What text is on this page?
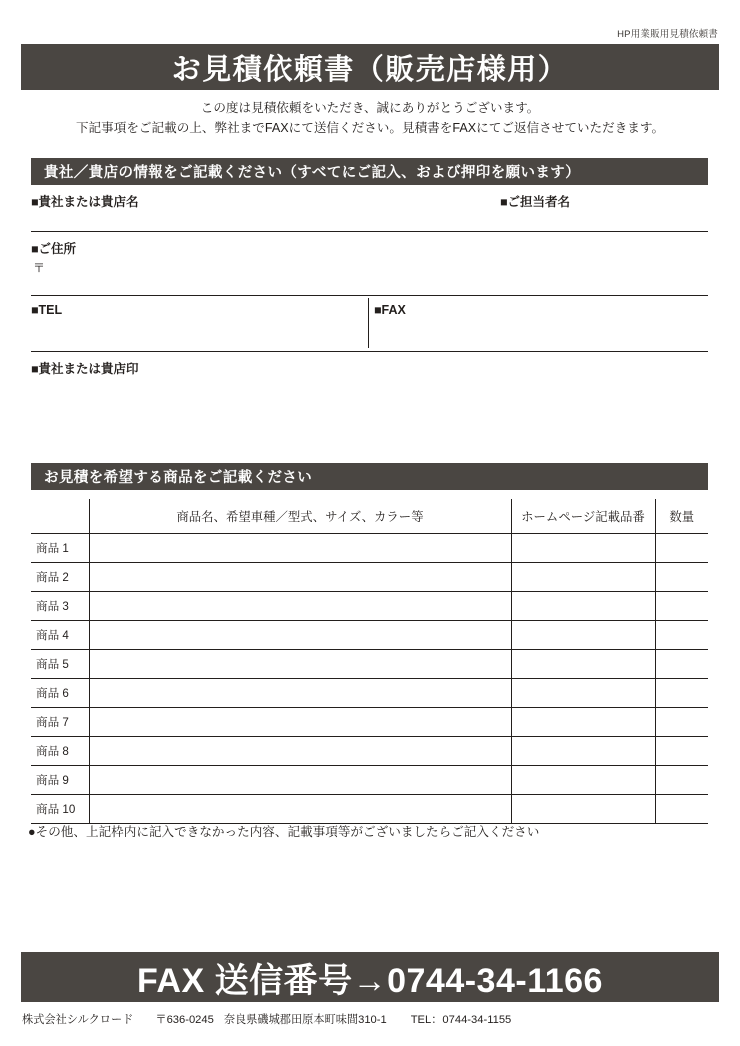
HP用業販用見積依頼書
お見積依頼書（販売店様用）
この度は見積依頼をいただき、誠にありがとうございます。
下記事項をご記載の上、弊社までFAXにて送信ください。見積書をFAXにてご返信させていただきます。
貴社／貴店の情報をご記載ください（すべてにご記入、および押印を願います）
■貴社または貴店名	■ご担当者名
■ご住所
〒
■TEL	■FAX
■貴社または貴店印
お見積を希望する商品をご記載ください
	商品名、希望車種／型式、サイズ、カラー等	ホームページ記載品番	数量
商品 1			
商品 2			
商品 3			
商品 4			
商品 5			
商品 6			
商品 7			
商品 8			
商品 9			
商品 10			
●その他、上記枠内に記入できなかった内容、記載事項等がございましたらご記入ください
FAX 送信番号→0744-34-1166
株式会社シルクロード 〒636-0245 奈良県磯城郡田原本町味間310-1 TEL：0744-34-1155
